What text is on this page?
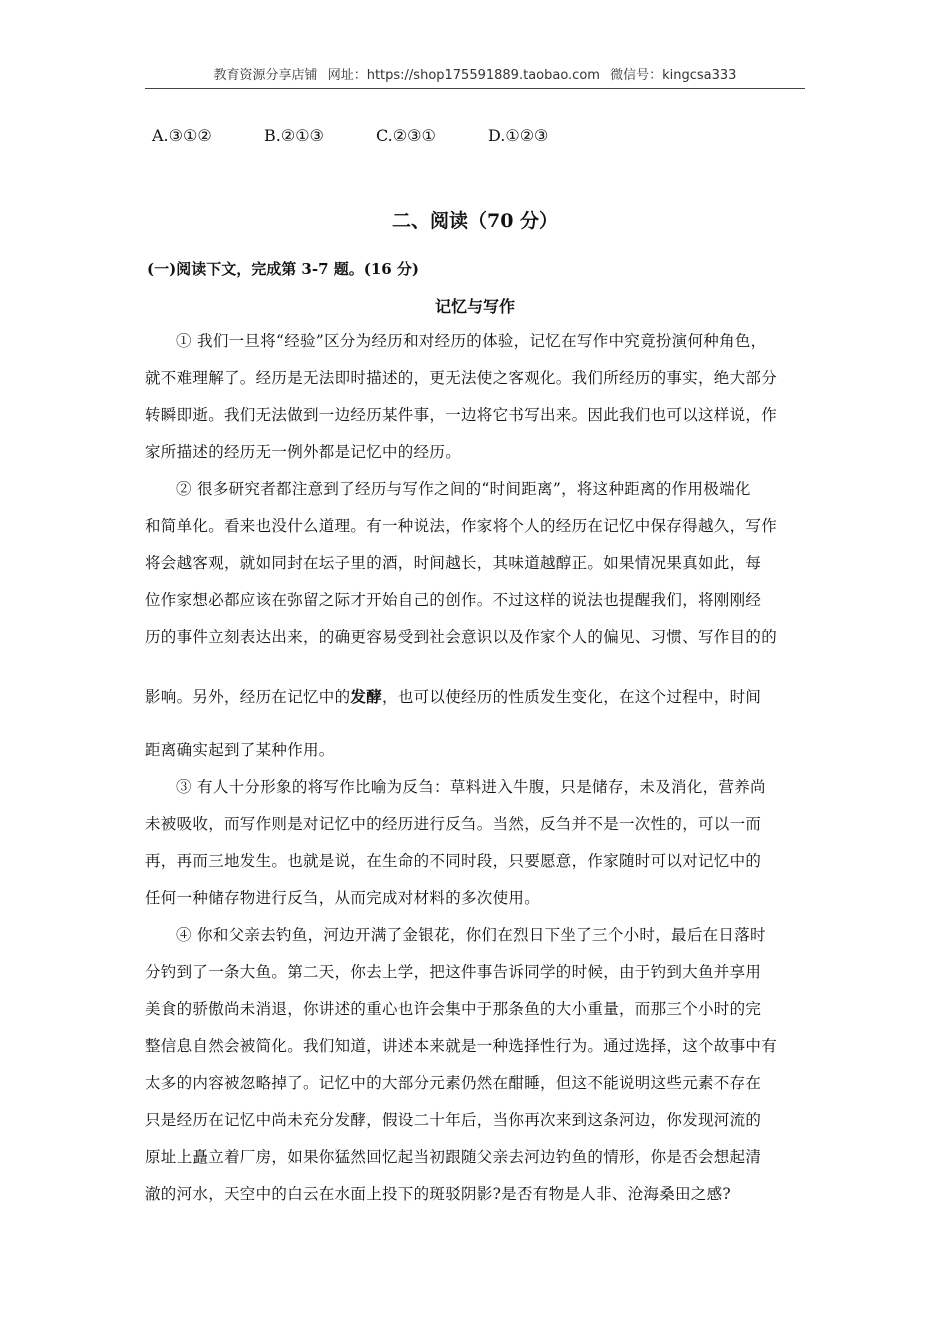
教育资源分享店铺 网址：https://shop175591889.taobao.com 微信号：kingcsa333
A.③①②	B.②①③	C.②③①	D.①②③
二、阅读（70 分）
(一)阅读下文，完成第 3-7 题。(16 分)
记忆与写作
① 我们一旦将“经验”区分为经历和对经历的体验，记忆在写作中究竟扮演何种角色，
就不难理解了。经历是无法即时描述的，更无法使之客观化。我们所经历的事实，绝大部分
转瞬即逝。我们无法做到一边经历某件事，一边将它书写出来。因此我们也可以这样说，作
家所描述的经历无一例外都是记忆中的经历。
② 很多研究者都注意到了经历与写作之间的“时间距离”，将这种距离的作用极端化
和简单化。看来也没什么道理。有一种说法，作家将个人的经历在记忆中保存得越久，写作
将会越客观，就如同封在坛子里的酒，时间越长，其味道越醇正。如果情况果真如此，每
位作家想必都应该在弥留之际才开始自己的创作。不过这样的说法也提醒我们，将刚刚经
历的事件立刻表达出来，的确更容易受到社会意识以及作家个人的偏见、习惯、写作目的的
影响。另外，经历在记忆中的发酵，也可以使经历的性质发生变化，在这个过程中，时间
距离确实起到了某种作用。
③ 有人十分形象的将写作比喻为反刍：草料进入牛腹，只是储存，未及消化，营养尚
未被吸收，而写作则是对记忆中的经历进行反刍。当然，反刍并不是一次性的，可以一而
再，再而三地发生。也就是说，在生命的不同时段，只要愿意，作家随时可以对记忆中的
任何一种储存物进行反刍，从而完成对材料的多次使用。
④ 你和父亲去钓鱼，河边开满了金银花，你们在烈日下坐了三个小时，最后在日落时
分钓到了一条大鱼。第二天，你去上学，把这件事告诉同学的时候，由于钓到大鱼并享用
美食的骄傲尚未消退，你讲述的重心也许会集中于那条鱼的大小重量，而那三个小时的完
整信息自然会被简化。我们知道，讲述本来就是一种选择性行为。通过选择，这个故事中有
太多的内容被忽略掉了。记忆中的大部分元素仍然在酣睡，但这不能说明这些元素不存在
只是经历在记忆中尚未充分发酵，假设二十年后，当你再次来到这条河边，你发现河流的
原址上矗立着厂房，如果你猛然回忆起当初跟随父亲去河边钓鱼的情形，你是否会想起清
澈的河水，天空中的白云在水面上投下的斑驳阴影?是否有物是人非、沧海桑田之感?
